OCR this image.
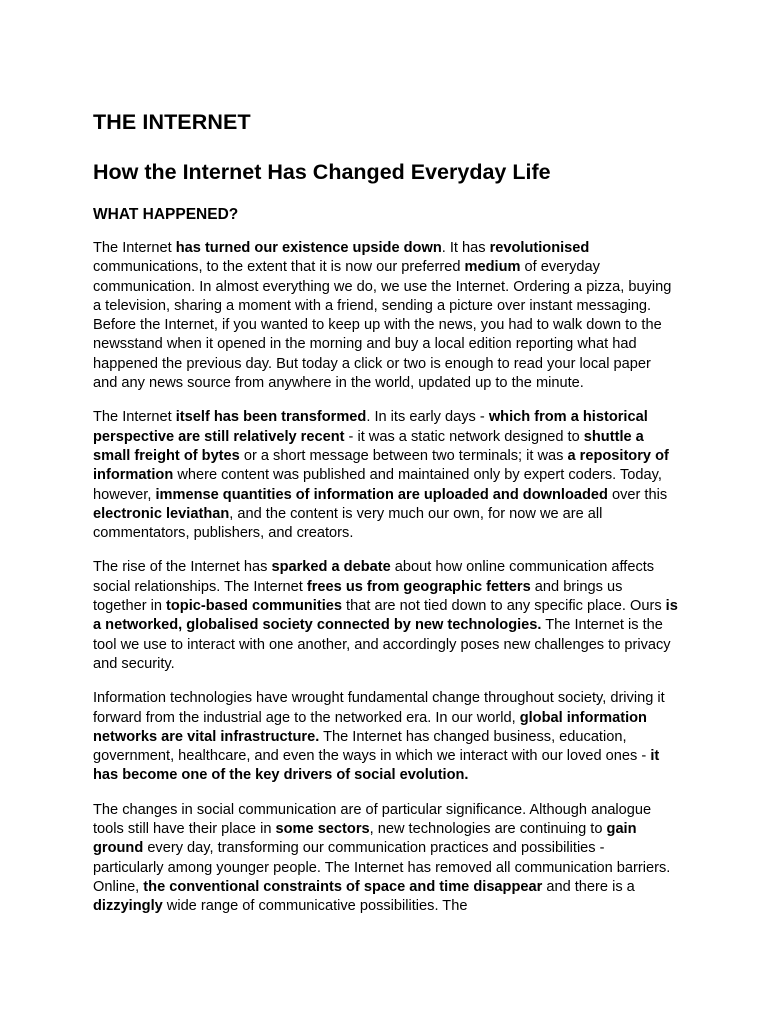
THE INTERNET
How the Internet Has Changed Everyday Life
WHAT HAPPENED?

The Internet has turned our existence upside down. It has revolutionised communications, to the extent that it is now our preferred medium of everyday communication. In almost everything we do, we use the Internet. Ordering a pizza, buying a television, sharing a moment with a friend, sending a picture over instant messaging. Before the Internet, if you wanted to keep up with the news, you had to walk down to the newsstand when it opened in the morning and buy a local edition reporting what had happened the previous day. But today a click or two is enough to read your local paper and any news source from anywhere in the world, updated up to the minute.

The Internet itself has been transformed. In its early days - which from a historical perspective are still relatively recent - it was a static network designed to shuttle a small freight of bytes or a short message between two terminals; it was a repository of information where content was published and maintained only by expert coders. Today, however, immense quantities of information are uploaded and downloaded over this electronic leviathan, and the content is very much our own, for now we are all commentators, publishers, and creators.

The rise of the Internet has sparked a debate about how online communication affects social relationships. The Internet frees us from geographic fetters and brings us together in topic-based communities that are not tied down to any specific place. Ours is a networked, globalised society connected by new technologies. The Internet is the tool we use to interact with one another, and accordingly poses new challenges to privacy and security.

Information technologies have wrought fundamental change throughout society, driving it forward from the industrial age to the networked era. In our world, global information networks are vital infrastructure. The Internet has changed business, education, government, healthcare, and even the ways in which we interact with our loved ones - it has become one of the key drivers of social evolution.

The changes in social communication are of particular significance. Although analogue tools still have their place in some sectors, new technologies are continuing to gain ground every day, transforming our communication practices and possibilities - particularly among younger people. The Internet has removed all communication barriers. Online, the conventional constraints of space and time disappear and there is a dizzyingly wide range of communicative possibilities. The
